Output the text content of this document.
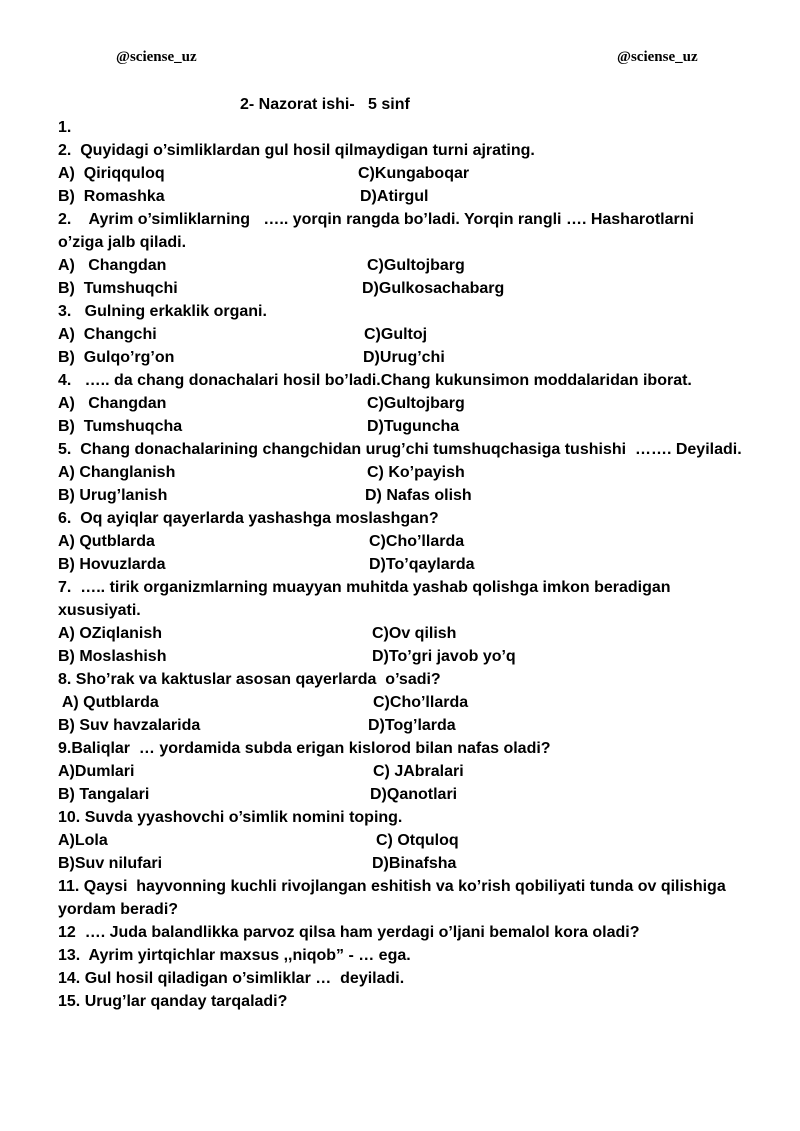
@sciense_uz	@sciense_uz
2- Nazorat ishi-   5 sinf
1.
2.  Quyidagi o’simliklardan gul hosil qilmaydigan turni ajrating.
A)  Qiriqquloq	C)Kungaboqar
B)  Romashka	D)Atirgul
2.    Ayrim o’simliklarning   ….. yorqin rangda bo’ladi. Yorqin rangli …. Hasharotlarni
o’ziga jalb qiladi.
A)   Changdan	C)Gultojbarg
B)  Tumshuqchi	D)Gulkosachabarg
3.   Gulning erkaklik organi.
A)  Changchi	C)Gultoj
B)  Gulqo’rg’on	D)Urug’chi
4.   ….. da chang donachalari hosil bo’ladi.Chang kukunsimon moddalaridan iborat.
A)   Changdan	C)Gultojbarg
B)  Tumshuqcha	D)Tuguncha
5.  Chang donachalarining changchidan urug’chi tumshuqchasiga tushishi  ……. Deyiladi.
A) Changlanish	C) Ko’payish
B) Urug’lanish	D) Nafas olish
6.  Oq ayiqlar qayerlarda yashashga moslashgan?
A) Qutblarda	C)Cho’llarda
B) Hovuzlarda	D)To’qaylarda
7.  ….. tirik organizmlarning muayyan muhitda yashab qolishga imkon beradigan
xususiyati.
A) OZiqlanish	C)Ov qilish
B) Moslashish	D)To’gri javob yo’q
8. Sho’rak va kaktuslar asosan qayerlarda  o’sadi?
A) Qutblarda	C)Cho’llarda
B) Suv havzalarida	D)Tog’larda
9.Baliqlar  … yordamida subda erigan kislorod bilan nafas oladi?
A)Dumlari	C) JAbralari
B) Tangalari	D)Qanotlari
10. Suvda yyashovchi o’simlik nomini toping.
A)Lola	C) Otquloq
B)Suv nilufari	D)Binafsha
11. Qaysi  hayvonning kuchli rivojlangan eshitish va ko’rish qobiliyati tunda ov qilishiga
yordam beradi?
12  …. Juda balandlikka parvoz qilsa ham yerdagi o’ljani bemalol kora oladi?
13.  Ayrim yirtqichlar maxsus ,,niqob” - … ega.
14. Gul hosil qiladigan o’simliklar …  deyiladi.
15. Urug’lar qanday tarqaladi?
